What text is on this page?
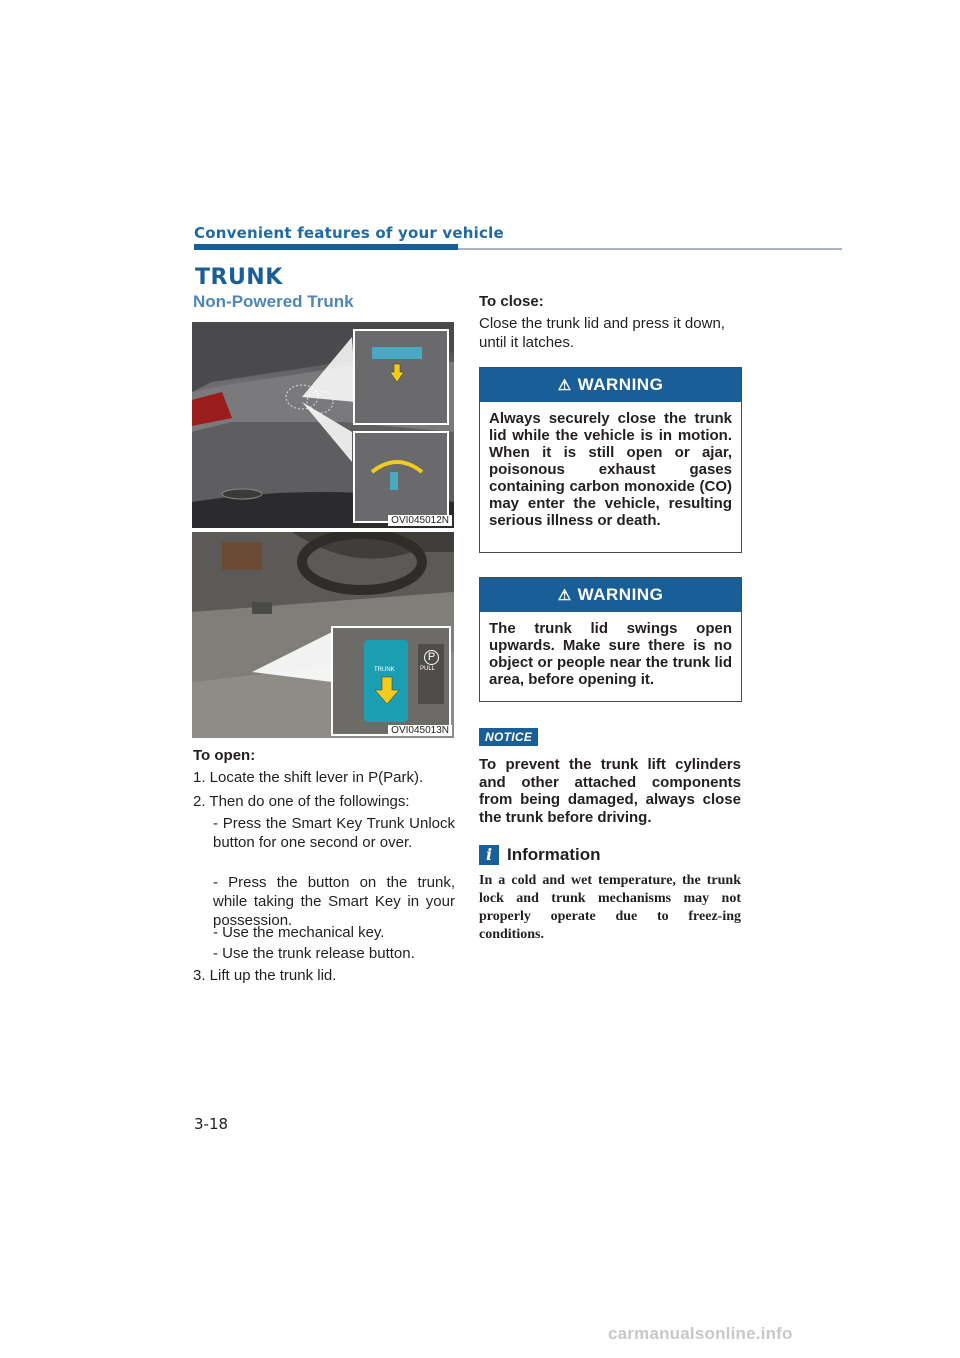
Convenient features of your vehicle
TRUNK
Non-Powered Trunk
OVI045012N
TRUNK
P
PULL
OVI045013N
To open:
1. Locate the shift lever in P(Park).
2. Then do one of the followings:
- Press the Smart Key Trunk Unlock button for one second or over.
- Press the button on the trunk, while taking the Smart Key in your possession.
- Use the mechanical key.
- Use the trunk release button.
3. Lift up the trunk lid.
To close:
Close the trunk lid and press it down, until it latches.
⚠ WARNING
Always securely close the trunk lid while the vehicle is in motion. When it is still open or ajar, poisonous exhaust gases containing carbon monoxide (CO) may enter the vehicle, resulting serious illness or death.
⚠ WARNING
The trunk lid swings open upwards. Make sure there is no object or people near the trunk lid area, before opening it.
NOTICE
To prevent the trunk lift cylinders and other attached components from being damaged, always close the trunk before driving.
i Information
In a cold and wet temperature, the trunk lock and trunk mechanisms may not properly operate due to freez-ing conditions.
3-18
carmanualsonline.info
